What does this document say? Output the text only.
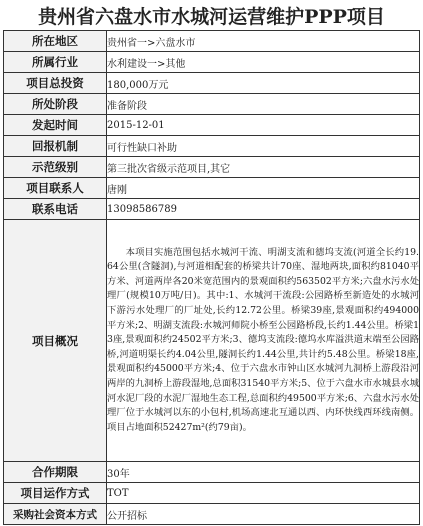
贵州省六盘水市水城河运营维护PPP项目
所在地区	贵州省一>六盘水市
所属行业	水利建设一>其他
项目总投资	180,000万元
所处阶段	准备阶段
发起时间	2015-12-01
回报机制	可行性缺口补助
示范级别	第三批次省级示范项目,其它
项目联系人	唐刚
联系电话	13098586789
项目概况	本项目实施范围包括水城河干流、明湖支流和德坞支流(河道全长约19.64公里(含隧洞),与河道相配套的桥梁共计70座、湿地两块,面积约81040平方米、河道两岸各20米宽范围内的景观面积约563502平方米;六盘水污水处理厂(规模10万吨/日)。其中:1、水城河干流段:公园路桥至新造处的水城河下游污水处理厂的厂址处,长约12.72公里。桥梁39座,景观面积约494000平方米;2、明湖支流段:水城河师院小桥至公园路桥段,长约1.44公里。桥梁13座,景观面积约24502平方米;3、德坞支流段:德坞水库溢洪道末端至公园路桥,河道明渠长约4.04公里,隧洞长约1.44公里,共计约5.48公里。桥梁18座,景观面积约45000平方米;4、位于六盘水市钟山区水城河九洞桥上游段沿河两岸的九洞桥上游段湿地,总面积31540平方米;5、位于六盘水市水城县水城河水泥厂段的水泥厂湿地生态工程,总面积约49500平方米;6、六盘水污水处理厂位于水城河以东的小包村,机场高速北互通以西、内环快线西环线南侧。项目占地面积52427m²(约79亩)。

合作期限	30年
项目运作方式	TOT
采购社会资本方式	公开招标
